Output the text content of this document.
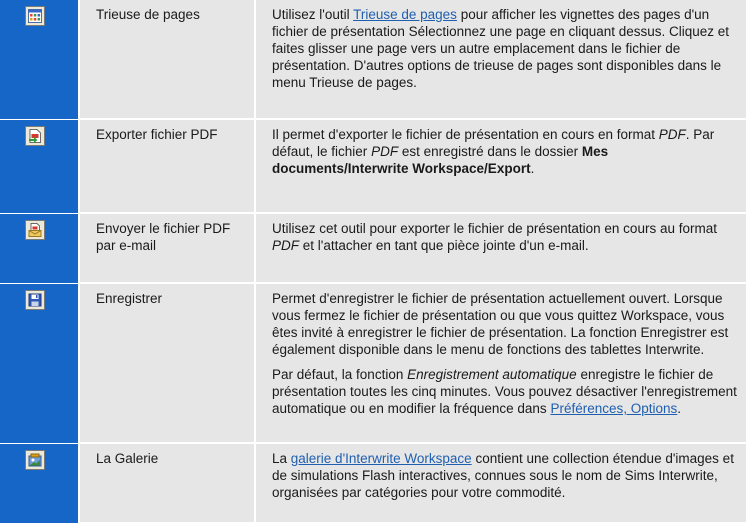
	Trieuse de pages	Utilisez l'outil Trieuse de pages pour afficher les vignettes des pages d'un fichier de présentation Sélectionnez une page en cliquant dessus. Cliquez et faites glisser une page vers un autre emplacement dans le fichier de présentation. D'autres options de trieuse de pages sont disponibles dans le menu Trieuse de pages.

	Exporter fichier PDF	Il permet d'exporter le fichier de présentation en cours en format PDF. Par défaut, le fichier PDF est enregistré dans le dossier Mes documents/Interwrite Workspace/Export.

	Envoyer le fichier PDF par e-mail	Utilisez cet outil pour exporter le fichier de présentation en cours au format PDF et l'attacher en tant que pièce jointe d'un e-mail.

	Enregistrer	Permet d'enregistrer le fichier de présentation actuellement ouvert. Lorsque vous fermez le fichier de présentation ou que vous quittez Workspace, vous êtes invité à enregistrer le fichier de présentation. La fonction Enregistrer est également disponible dans le menu de fonctions des tablettes Interwrite.

Par défaut, la fonction Enregistrement automatique enregistre le fichier de présentation toutes les cinq minutes. Vous pouvez désactiver l'enregistrement automatique ou en modifier la fréquence dans Préférences, Options.

	La Galerie	La galerie d'Interwrite Workspace contient une collection étendue d'images et de simulations Flash interactives, connues sous le nom de Sims Interwrite, organisées par catégories pour votre commodité.
